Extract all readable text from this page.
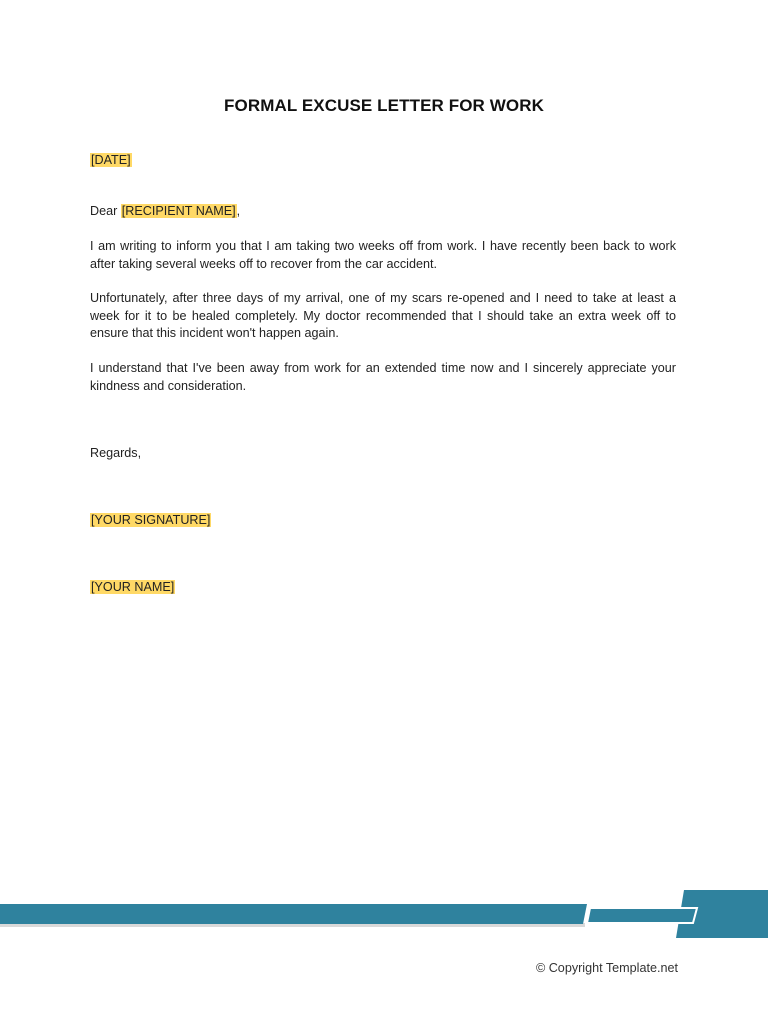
FORMAL EXCUSE LETTER FOR WORK
[DATE]
Dear [RECIPIENT NAME],
I am writing to inform you that I am taking two weeks off from work. I have recently been back to work after taking several weeks off to recover from the car accident.
Unfortunately, after three days of my arrival, one of my scars re-opened and I need to take at least a week for it to be healed completely. My doctor recommended that I should take an extra week off to ensure that this incident won't happen again.
I understand that I've been away from work for an extended time now and I sincerely appreciate your kindness and consideration.
Regards,
[YOUR SIGNATURE]
[YOUR NAME]
© Copyright Template.net
